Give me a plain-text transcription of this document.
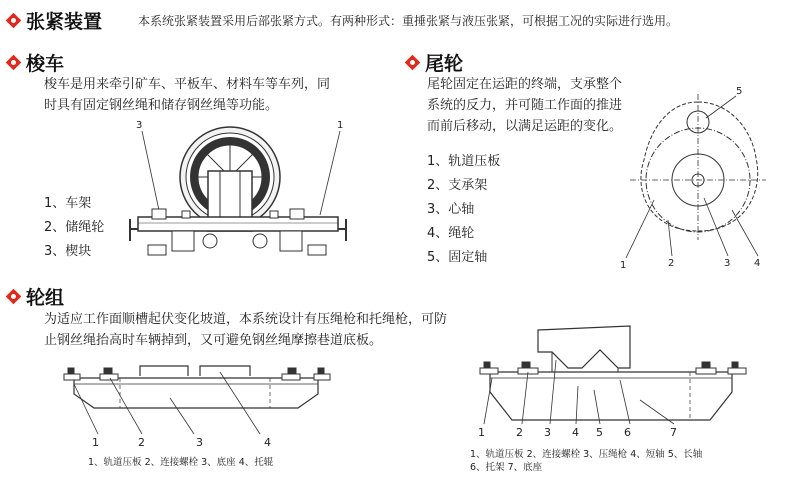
张紧装置	本系统张紧装置采用后部张紧方式。有两种形式：重捶张紧与液压张紧，可根据工况的实际进行选用。
梭车
梭车是用来牵引矿车、平板车、材料车等车列，同
时具有固定钢丝绳和储存钢丝绳等功能。
1、车架
2、储绳轮
3、楔块
3	1
尾轮
尾轮固定在运距的终端，支承整个
系统的反力，并可随工作面的推进
而前后移动，以满足运距的变化。
1、轨道压板
2、支承架
3、心轴
4、绳轮
5、固定轴
5
1	2	3 4
轮组
为适应工作面顺槽起伏变化坡道，本系统设计有压绳枪和托绳枪，可防
止钢丝绳抬高时车辆掉到，又可避免钢丝绳摩擦巷道底板。
1	2	3	4
1、轨道压板 2、连接螺栓 3、底座 4、托辊
1	2 3 4 5 6	7
1、轨道压板 2、连接螺栓 3、压绳枪 4、短轴 5、长轴
6、托架 7、底座
